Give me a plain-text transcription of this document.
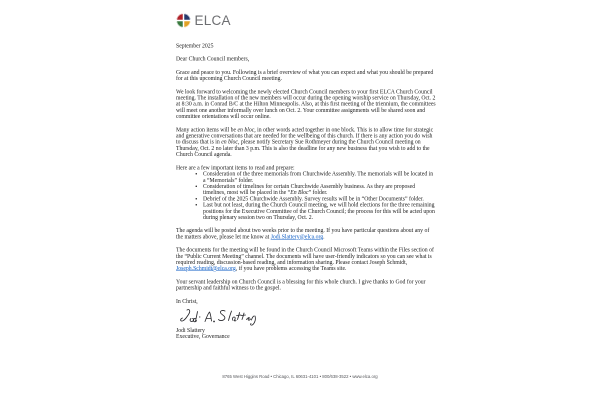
ELCA

September 2025

Dear Church Council members,

Grace and peace to you. Following is a brief overview of what you can expect and what you should be prepared for at this upcoming Church Council meeting.

We look forward to welcoming the newly elected Church Council members to your first ELCA Church Council meeting. The installation of the new members will occur during the opening worship service on Thursday, Oct. 2 at 8:30 a.m. in Conrad B/C at the Hilton Minneapolis. Also, at this first meeting of the triennium, the committees will meet one another informally over lunch on Oct. 2. Your committee assignments will be shared soon and committee orientations will occur online.

Many action items will be en bloc, in other words acted together in one block. This is to allow time for strategic and generative conversations that are needed for the wellbeing of this church. If there is any action you do wish to discuss that is in en bloc, please notify Secretary Sue Rothmeyer during the Church Council meeting on Thursday, Oct. 2 no later than 3 p.m. This is also the deadline for any new business that you wish to add to the Church Council agenda.

Here are a few important items to read and prepare:

• Consideration of the three memorials from Churchwide Assembly. The memorials will be located in a “Memorials” folder.
• Consideration of timelines for certain Churchwide Assembly business. As they are proposed timelines, most will be placed in the “En Bloc” folder.
• Debrief of the 2025 Churchwide Assembly. Survey results will be in “Other Documents” folder.
• Last but not least, during the Church Council meeting, we will hold elections for the three remaining positions for the Executive Committee of the Church Council; the process for this will be acted upon during plenary session two on Thursday, Oct. 2.

The agenda will be posted about two weeks prior to the meeting. If you have particular questions about any of the matters above, please let me know at Jodi.Slattery@elca.org.

The documents for the meeting will be found in the Church Council Microsoft Teams within the Files section of the “Public Current Meeting” channel. The documents will have user-friendly indicators so you can see what is required reading, discussion-based reading, and information sharing. Please contact Joseph Schmidt, Joseph.Schmidt@elca.org, if you have problems accessing the Teams site.

Your servant leadership on Church Council is a blessing for this whole church. I give thanks to God for your partnership and faithful witness to the gospel.

In Christ,

Jodi Slattery

Executive, Governance

8765 West Higgins Road • Chicago, IL 60631-4101 • 800/638-3522 • www.elca.org
